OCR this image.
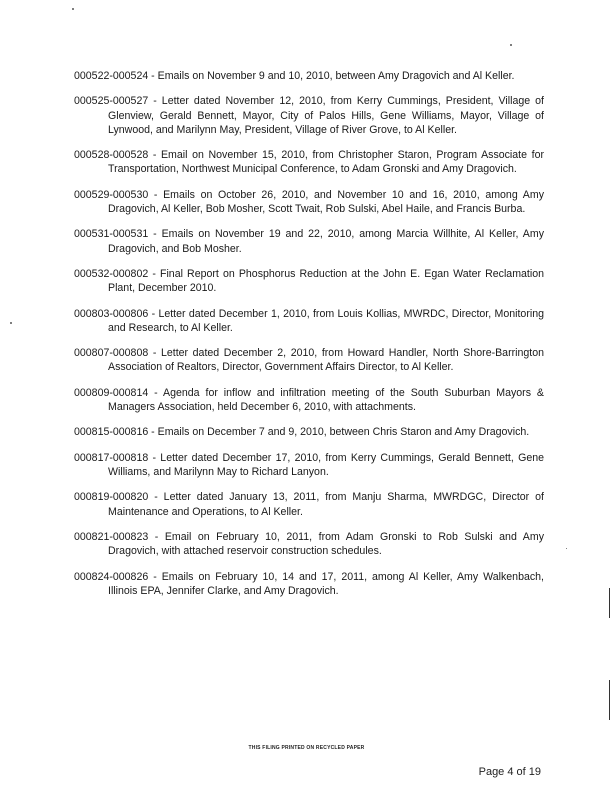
000522-000524 - Emails on November 9 and 10, 2010, between Amy Dragovich and Al Keller.

000525-000527 - Letter dated November 12, 2010, from Kerry Cummings, President, Village of Glenview, Gerald Bennett, Mayor, City of Palos Hills, Gene Williams, Mayor, Village of Lynwood, and Marilynn May, President, Village of River Grove, to Al Keller.

000528-000528 - Email on November 15, 2010, from Christopher Staron, Program Associate for Transportation, Northwest Municipal Conference, to Adam Gronski and Amy Dragovich.

000529-000530 - Emails on October 26, 2010, and November 10 and 16, 2010, among Amy Dragovich, Al Keller, Bob Mosher, Scott Twait, Rob Sulski, Abel Haile, and Francis Burba.

000531-000531 - Emails on November 19 and 22, 2010, among Marcia Willhite, Al Keller, Amy Dragovich, and Bob Mosher.

000532-000802 - Final Report on Phosphorus Reduction at the John E. Egan Water Reclamation Plant, December 2010.

000803-000806 - Letter dated December 1, 2010, from Louis Kollias, MWRDC, Director, Monitoring and Research, to Al Keller.

000807-000808 - Letter dated December 2, 2010, from Howard Handler, North Shore-Barrington Association of Realtors, Director, Government Affairs Director, to Al Keller.

000809-000814 - Agenda for inflow and infiltration meeting of the South Suburban Mayors & Managers Association, held December 6, 2010, with attachments.

000815-000816 - Emails on December 7 and 9, 2010, between Chris Staron and Amy Dragovich.

000817-000818 - Letter dated December 17, 2010, from Kerry Cummings, Gerald Bennett, Gene Williams, and Marilynn May to Richard Lanyon.

000819-000820 - Letter dated January 13, 2011, from Manju Sharma, MWRDGC, Director of Maintenance and Operations, to Al Keller.

000821-000823 - Email on February 10, 2011, from Adam Gronski to Rob Sulski and Amy Dragovich, with attached reservoir construction schedules.

000824-000826 - Emails on February 10, 14 and 17, 2011, among Al Keller, Amy Walkenbach, Illinois EPA, Jennifer Clarke, and Amy Dragovich.

THIS FILING PRINTED ON RECYCLED PAPER
Page 4 of 19
